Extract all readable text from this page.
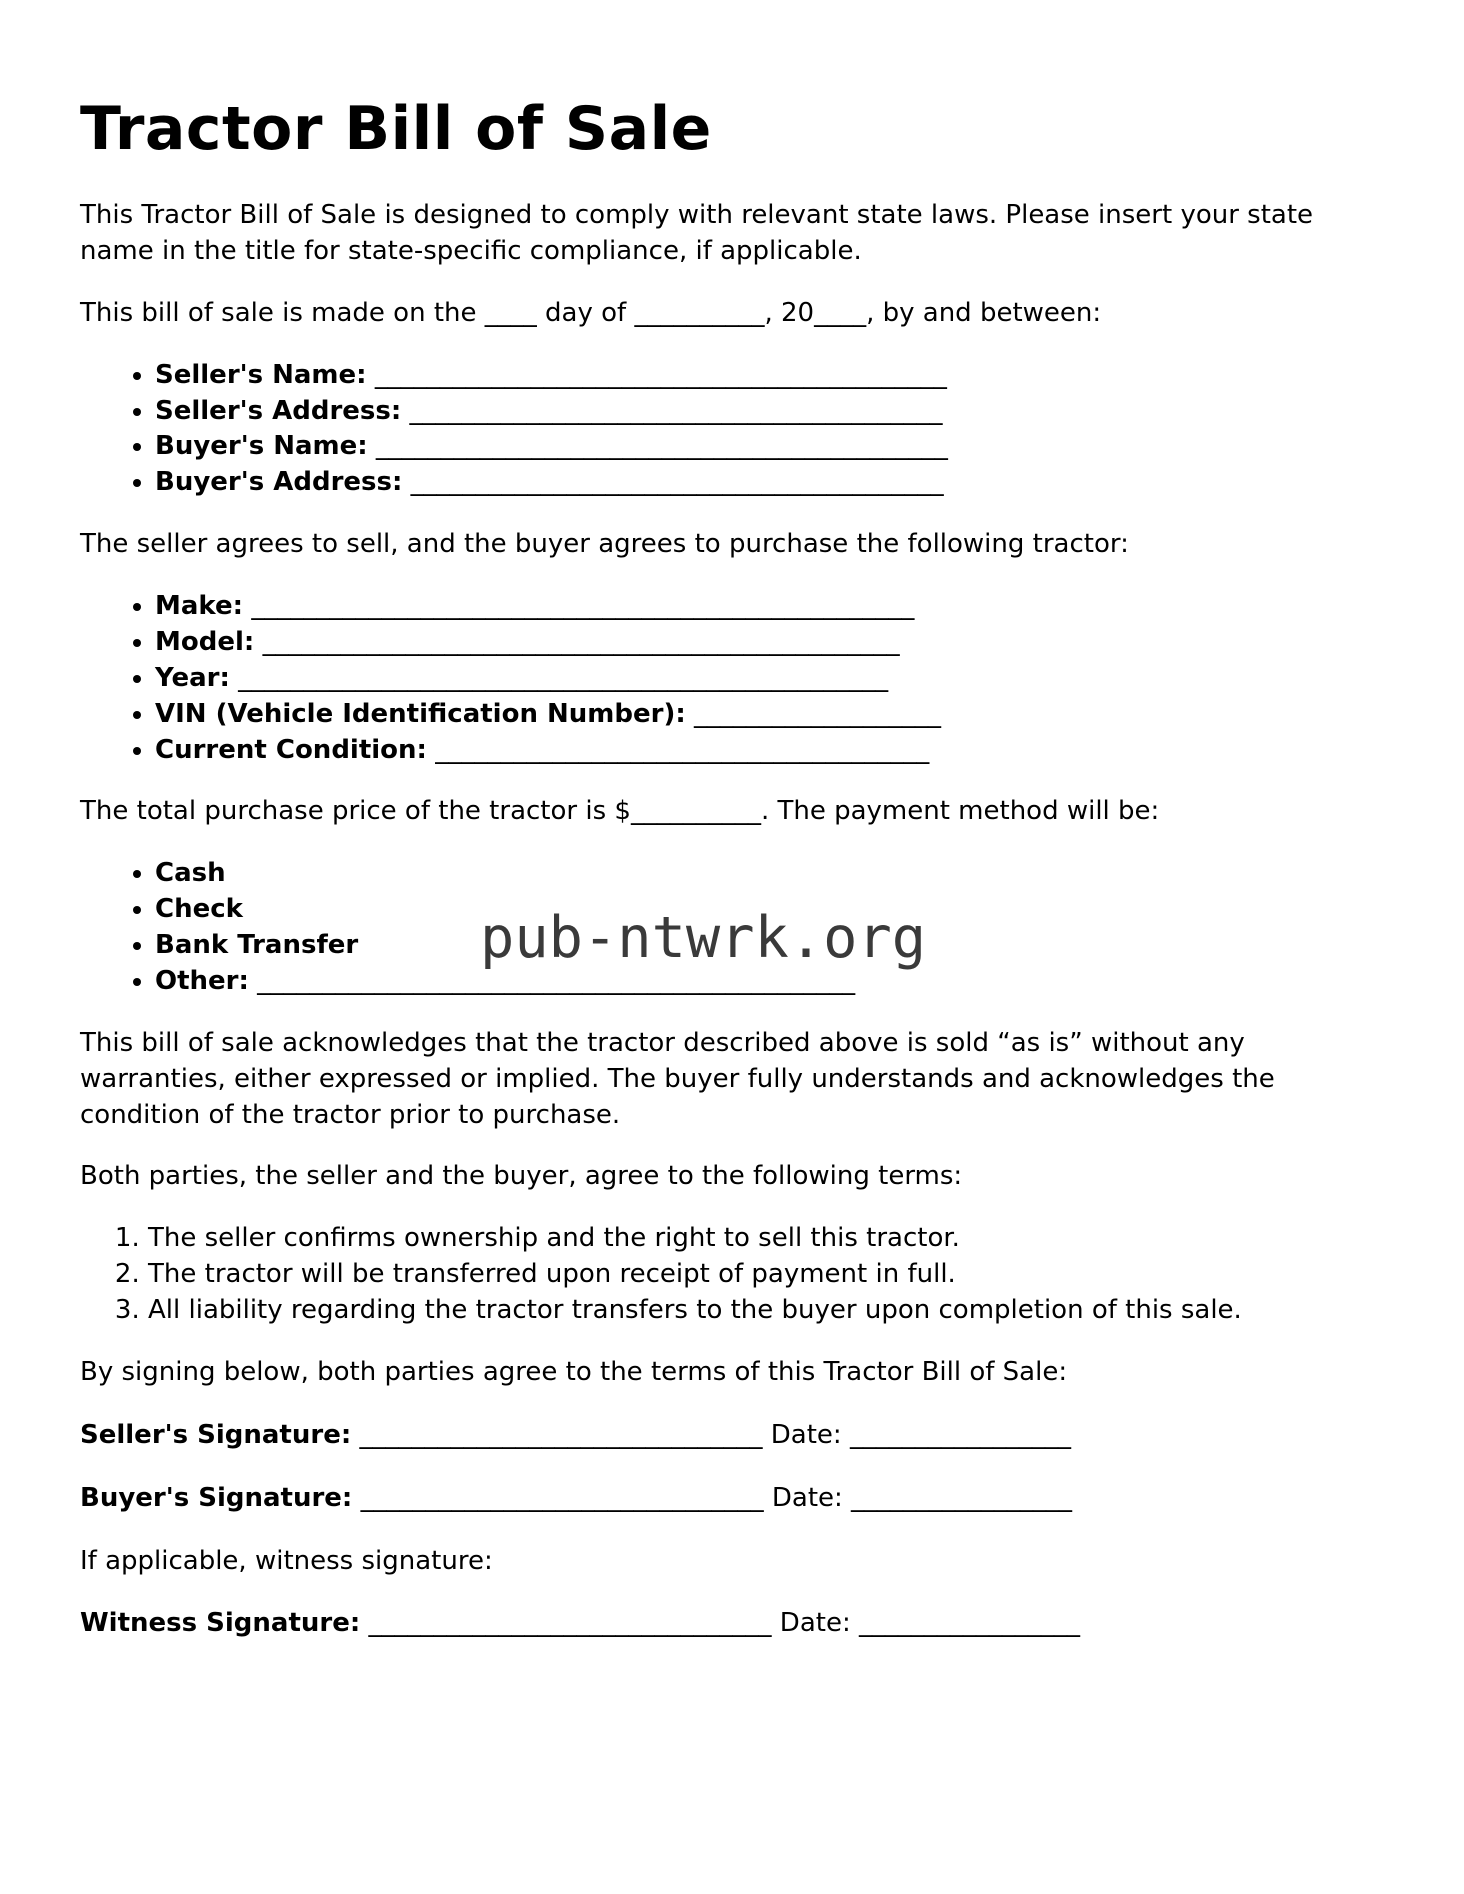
Tractor Bill of Sale

This Tractor Bill of Sale is designed to comply with relevant state laws. Please insert your state name in the title for state-specific compliance, if applicable.

This bill of sale is made on the ____ day of __________, 20____, by and between:

• Seller's Name: ____________________________________________
• Seller's Address: _________________________________________
• Buyer's Name: ____________________________________________
• Buyer's Address: _________________________________________

The seller agrees to sell, and the buyer agrees to purchase the following tractor:

• Make: ___________________________________________________
• Model: _________________________________________________
• Year: __________________________________________________
• VIN (Vehicle Identification Number): ___________________
• Current Condition: ______________________________________

The total purchase price of the tractor is $__________. The payment method will be:

• Cash
• Check
• Bank Transfer
• Other: ______________________________________________
pub-ntwrk.org

This bill of sale acknowledges that the tractor described above is sold “as is” without any warranties, either expressed or implied. The buyer fully understands and acknowledges the condition of the tractor prior to purchase.

Both parties, the seller and the buyer, agree to the following terms:

1. The seller confirms ownership and the right to sell this tractor.
2. The tractor will be transferred upon receipt of payment in full.
3. All liability regarding the tractor transfers to the buyer upon completion of this sale.

By signing below, both parties agree to the terms of this Tractor Bill of Sale:

Seller's Signature: _______________________________ Date: _________________

Buyer's Signature: _______________________________ Date: _________________

If applicable, witness signature:

Witness Signature: _______________________________ Date: _________________
